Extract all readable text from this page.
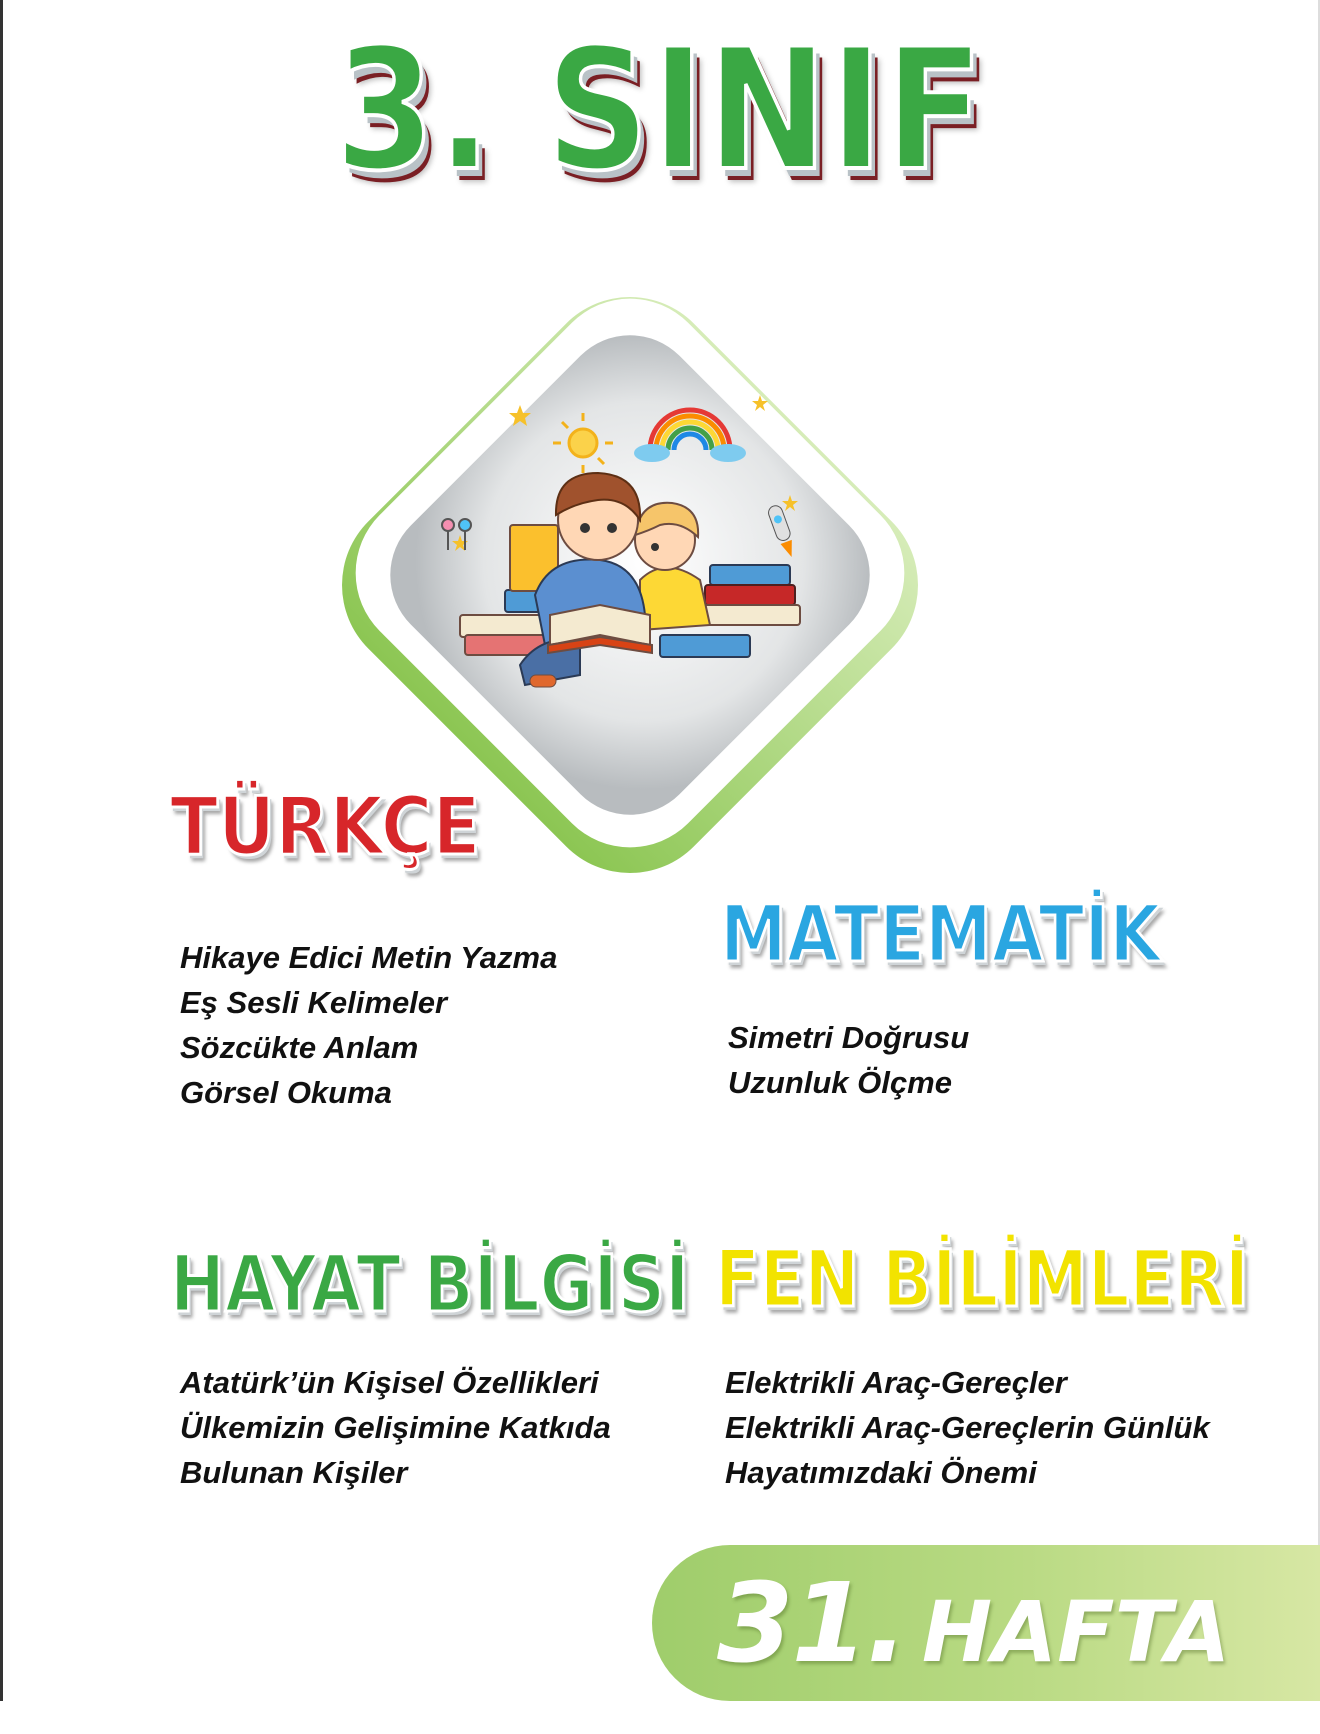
3. SINIF
TÜRKÇE
Hikaye Edici Metin Yazma
Eş Sesli Kelimeler
Sözcükte Anlam
Görsel Okuma
MATEMATİK
Simetri Doğrusu
Uzunluk Ölçme
HAYAT BİLGİSİ
Atatürk’ün Kişisel Özellikleri
Ülkemizin Gelişimine Katkıda
Bulunan Kişiler
FEN BİLİMLERİ
Elektrikli Araç-Gereçler
Elektrikli Araç-Gereçlerin Günlük
Hayatımızdaki Önemi
31. HAFTA
